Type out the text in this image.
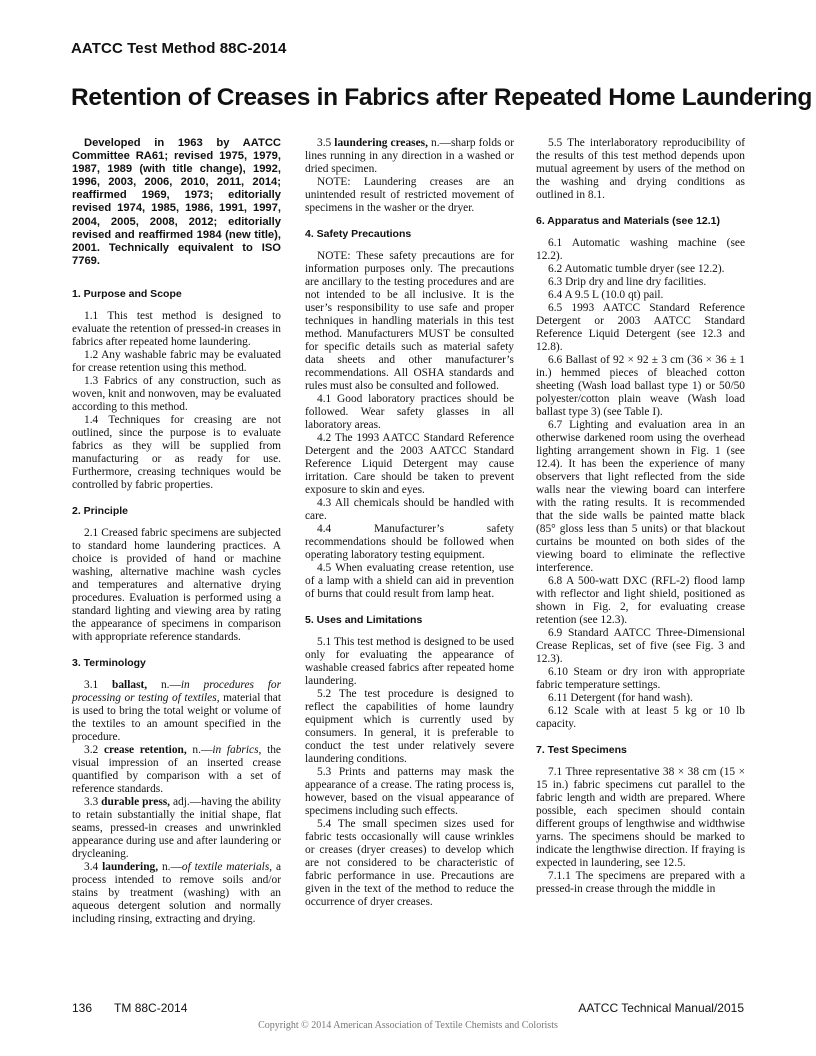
AATCC Test Method 88C-2014
Retention of Creases in Fabrics after Repeated Home Laundering

Developed in 1963 by AATCC Committee RA61; revised 1975, 1979, 1987, 1989 (with title change), 1992, 1996, 2003, 2006, 2010, 2011, 2014; reaffirmed 1969, 1973; editorially revised 1974, 1985, 1986, 1991, 1997, 2004, 2005, 2008, 2012; editorially revised and reaffirmed 1984 (new title), 2001. Technically equivalent to ISO 7769.

1. Purpose and Scope

1.1 This test method is designed to evaluate the retention of pressed-in creases in fabrics after repeated home laundering.

1.2 Any washable fabric may be evaluated for crease retention using this method.

1.3 Fabrics of any construction, such as woven, knit and nonwoven, may be evaluated according to this method.

1.4 Techniques for creasing are not outlined, since the purpose is to evaluate fabrics as they will be supplied from manufacturing or as ready for use. Furthermore, creasing techniques would be controlled by fabric properties.

2. Principle

2.1 Creased fabric specimens are subjected to standard home laundering practices. A choice is provided of hand or machine washing, alternative machine wash cycles and temperatures and alternative drying procedures. Evaluation is performed using a standard lighting and viewing area by rating the appearance of specimens in comparison with appropriate reference standards.

3. Terminology

3.1 ballast, n.—in procedures for processing or testing of textiles, material that is used to bring the total weight or volume of the textiles to an amount specified in the procedure.

3.2 crease retention, n.—in fabrics, the visual impression of an inserted crease quantified by comparison with a set of reference standards.

3.3 durable press, adj.—having the ability to retain substantially the initial shape, flat seams, pressed-in creases and unwrinkled appearance during use and after laundering or drycleaning.

3.4 laundering, n.—of textile materials, a process intended to remove soils and/or stains by treatment (washing) with an aqueous detergent solution and normally including rinsing, extracting and drying.

3.5 laundering creases, n.—sharp folds or lines running in any direction in a washed or dried specimen.

NOTE: Laundering creases are an unintended result of restricted movement of specimens in the washer or the dryer.

4. Safety Precautions

NOTE: These safety precautions are for information purposes only. The precautions are ancillary to the testing procedures and are not intended to be all inclusive. It is the user’s responsibility to use safe and proper techniques in handling materials in this test method. Manufacturers MUST be consulted for specific details such as material safety data sheets and other manufacturer’s recommendations. All OSHA standards and rules must also be consulted and followed.

4.1 Good laboratory practices should be followed. Wear safety glasses in all laboratory areas.

4.2 The 1993 AATCC Standard Reference Detergent and the 2003 AATCC Standard Reference Liquid Detergent may cause irritation. Care should be taken to prevent exposure to skin and eyes.

4.3 All chemicals should be handled with care.

4.4 Manufacturer’s safety recommendations should be followed when operating laboratory testing equipment.

4.5 When evaluating crease retention, use of a lamp with a shield can aid in prevention of burns that could result from lamp heat.

5. Uses and Limitations

5.1 This test method is designed to be used only for evaluating the appearance of washable creased fabrics after repeated home laundering.

5.2 The test procedure is designed to reflect the capabilities of home laundry equipment which is currently used by consumers. In general, it is preferable to conduct the test under relatively severe laundering conditions.

5.3 Prints and patterns may mask the appearance of a crease. The rating process is, however, based on the visual appearance of specimens including such effects.

5.4 The small specimen sizes used for fabric tests occasionally will cause wrinkles or creases (dryer creases) to develop which are not considered to be characteristic of fabric performance in use. Precautions are given in the text of the method to reduce the occurrence of dryer creases.

5.5 The interlaboratory reproducibility of the results of this test method depends upon mutual agreement by users of the method on the washing and drying conditions as outlined in 8.1.

6. Apparatus and Materials (see 12.1)

6.1 Automatic washing machine (see 12.2).

6.2 Automatic tumble dryer (see 12.2).

6.3 Drip dry and line dry facilities.

6.4 A 9.5 L (10.0 qt) pail.

6.5 1993 AATCC Standard Reference Detergent or 2003 AATCC Standard Reference Liquid Detergent (see 12.3 and 12.8).

6.6 Ballast of 92 × 92 ± 3 cm (36 × 36 ± 1 in.) hemmed pieces of bleached cotton sheeting (Wash load ballast type 1) or 50/50 polyester/cotton plain weave (Wash load ballast type 3) (see Table I).

6.7 Lighting and evaluation area in an otherwise darkened room using the overhead lighting arrangement shown in Fig. 1 (see 12.4). It has been the experience of many observers that light reflected from the side walls near the viewing board can interfere with the rating results. It is recommended that the side walls be painted matte black (85° gloss less than 5 units) or that blackout curtains be mounted on both sides of the viewing board to eliminate the reflective interference.

6.8 A 500-watt DXC (RFL-2) flood lamp with reflector and light shield, positioned as shown in Fig. 2, for evaluating crease retention (see 12.3).

6.9 Standard AATCC Three-Dimensional Crease Replicas, set of five (see Fig. 3 and 12.3).

6.10 Steam or dry iron with appropriate fabric temperature settings.

6.11 Detergent (for hand wash).

6.12 Scale with at least 5 kg or 10 lb capacity.

7. Test Specimens

7.1 Three representative 38 × 38 cm (15 × 15 in.) fabric specimens cut parallel to the fabric length and width are prepared. Where possible, each specimen should contain different groups of lengthwise and widthwise yarns. The specimens should be marked to indicate the lengthwise direction. If fraying is expected in laundering, see 12.5.

7.1.1 The specimens are prepared with a pressed-in crease through the middle in

136 TM 88C-2014	AATCC Technical Manual/2015
Copyright © 2014 American Association of Textile Chemists and Colorists
